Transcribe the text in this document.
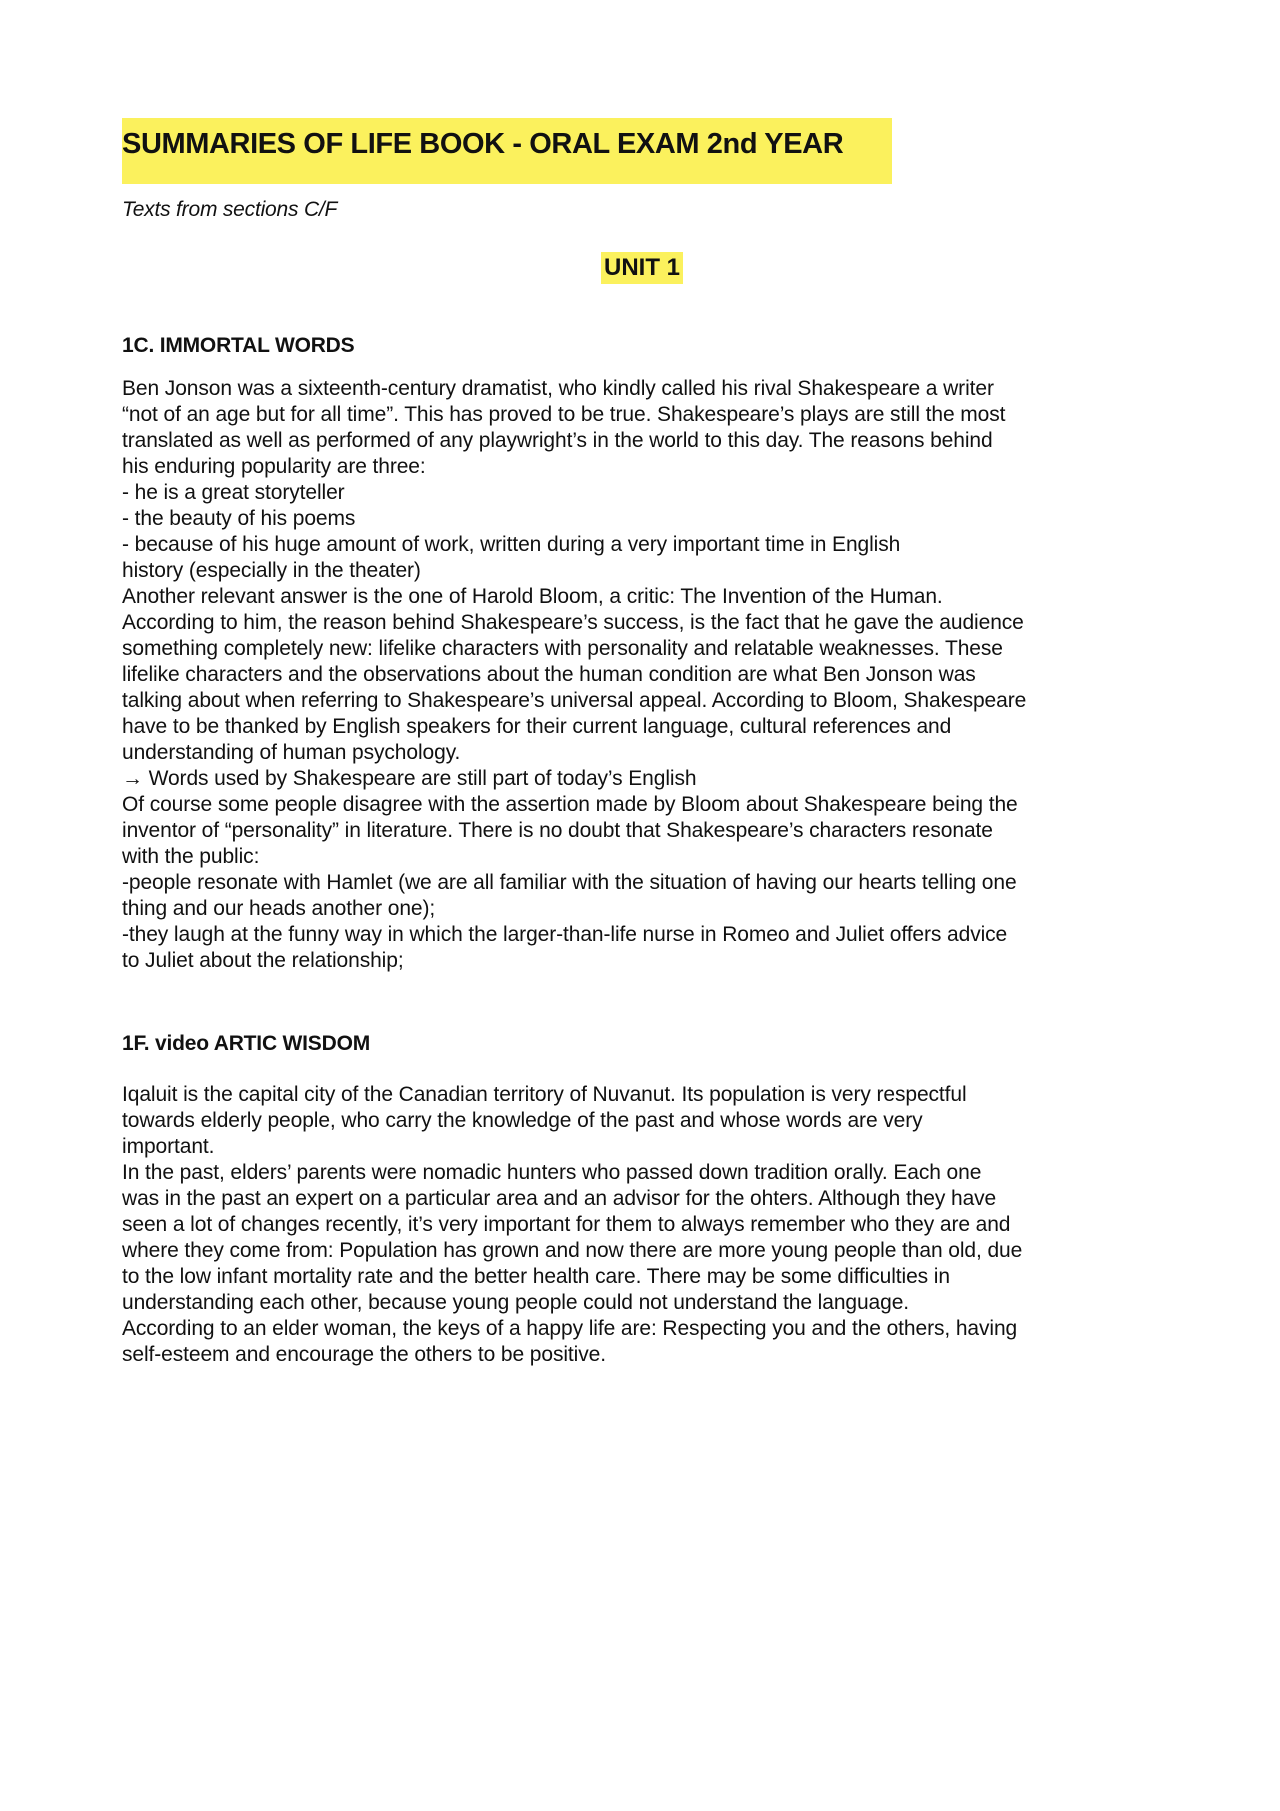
SUMMARIES OF LIFE BOOK - ORAL EXAM 2nd YEAR
Texts from sections C/F
UNIT 1
1C. IMMORTAL WORDS
Ben Jonson was a sixteenth-century dramatist, who kindly called his rival Shakespeare a writer
“not of an age but for all time”. This has proved to be true. Shakespeare’s plays are still the most
translated as well as performed of any playwright’s in the world to this day. The reasons behind
his enduring popularity are three:
- he is a great storyteller
- the beauty of his poems
- because of his huge amount of work, written during a very important time in English
history (especially in the theater)
Another relevant answer is the one of Harold Bloom, a critic: The Invention of the Human.
According to him, the reason behind Shakespeare’s success, is the fact that he gave the audience
something completely new: lifelike characters with personality and relatable weaknesses. These
lifelike characters and the observations about the human condition are what Ben Jonson was
talking about when referring to Shakespeare’s universal appeal. According to Bloom, Shakespeare
have to be thanked by English speakers for their current language, cultural references and
understanding of human psychology.
→ Words used by Shakespeare are still part of today’s English
Of course some people disagree with the assertion made by Bloom about Shakespeare being the
inventor of “personality” in literature. There is no doubt that Shakespeare’s characters resonate
with the public:
-people resonate with Hamlet (we are all familiar with the situation of having our hearts telling one
thing and our heads another one);
-they laugh at the funny way in which the larger-than-life nurse in Romeo and Juliet offers advice
to Juliet about the relationship;
1F. video ARTIC WISDOM
Iqaluit is the capital city of the Canadian territory of Nuvanut. Its population is very respectful
towards elderly people, who carry the knowledge of the past and whose words are very
important.
In the past, elders’ parents were nomadic hunters who passed down tradition orally. Each one
was in the past an expert on a particular area and an advisor for the ohters. Although they have
seen a lot of changes recently, it’s very important for them to always remember who they are and
where they come from: Population has grown and now there are more young people than old, due
to the low infant mortality rate and the better health care. There may be some difficulties in
understanding each other, because young people could not understand the language.
According to an elder woman, the keys of a happy life are: Respecting you and the others, having
self-esteem and encourage the others to be positive.
